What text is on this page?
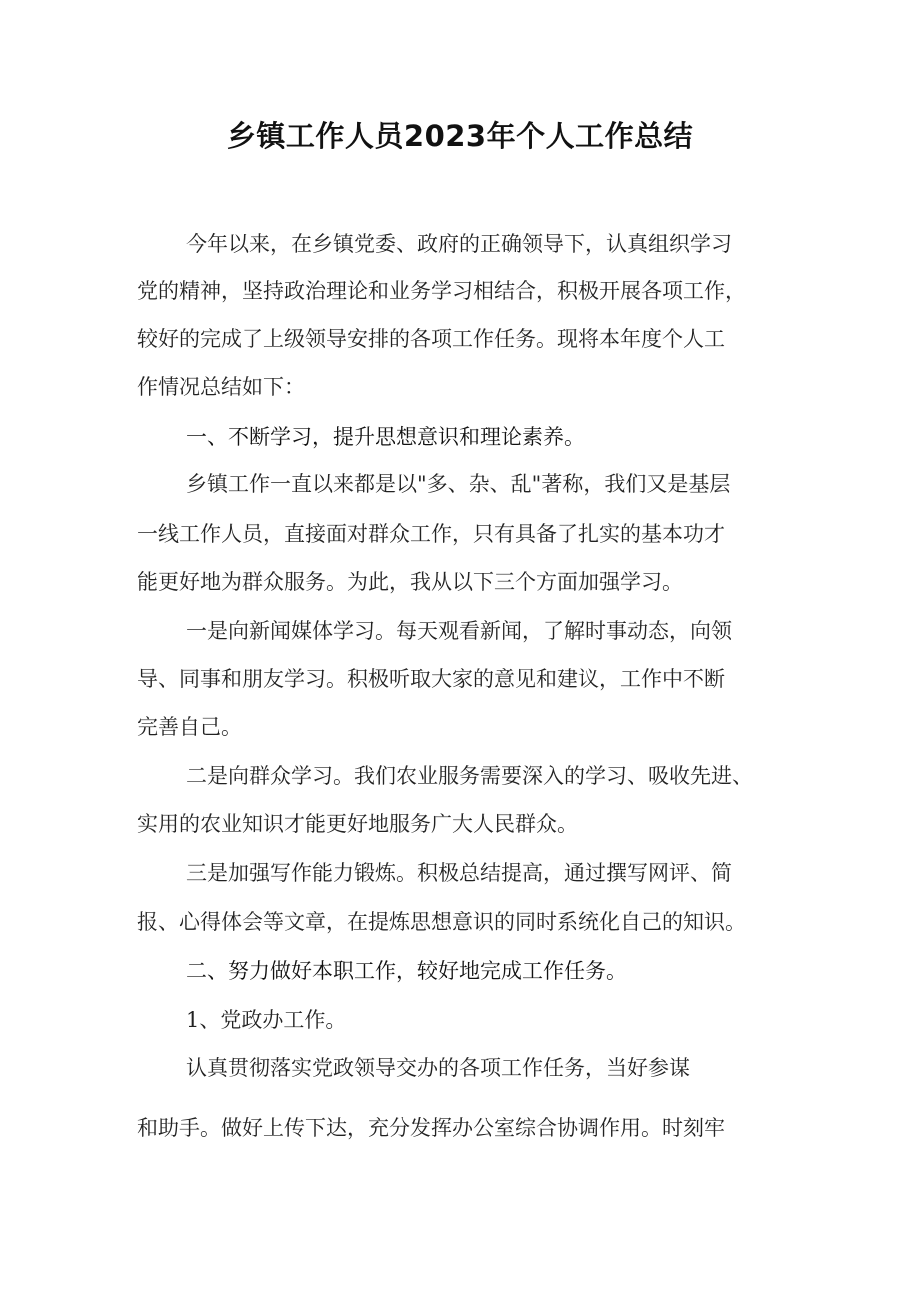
乡镇工作人员2023年个人工作总结

今年以来，在乡镇党委、政府的正确领导下，认真组织学习

党的精神，坚持政治理论和业务学习相结合，积极开展各项工作，

较好的完成了上级领导安排的各项工作任务。现将本年度个人工

作情况总结如下：

一、不断学习，提升思想意识和理论素养。

乡镇工作一直以来都是以"多、杂、乱"著称，我们又是基层

一线工作人员，直接面对群众工作，只有具备了扎实的基本功才

能更好地为群众服务。为此，我从以下三个方面加强学习。

一是向新闻媒体学习。每天观看新闻，了解时事动态，向领

导、同事和朋友学习。积极听取大家的意见和建议，工作中不断

完善自己。

二是向群众学习。我们农业服务需要深入的学习、吸收先进、

实用的农业知识才能更好地服务广大人民群众。

三是加强写作能力锻炼。积极总结提高，通过撰写网评、简

报、心得体会等文章，在提炼思想意识的同时系统化自己的知识。

二、努力做好本职工作，较好地完成工作任务。

1、党政办工作。

认真贯彻落实党政领导交办的各项工作任务，当好参谋

和助手。做好上传下达，充分发挥办公室综合协调作用。时刻牢
